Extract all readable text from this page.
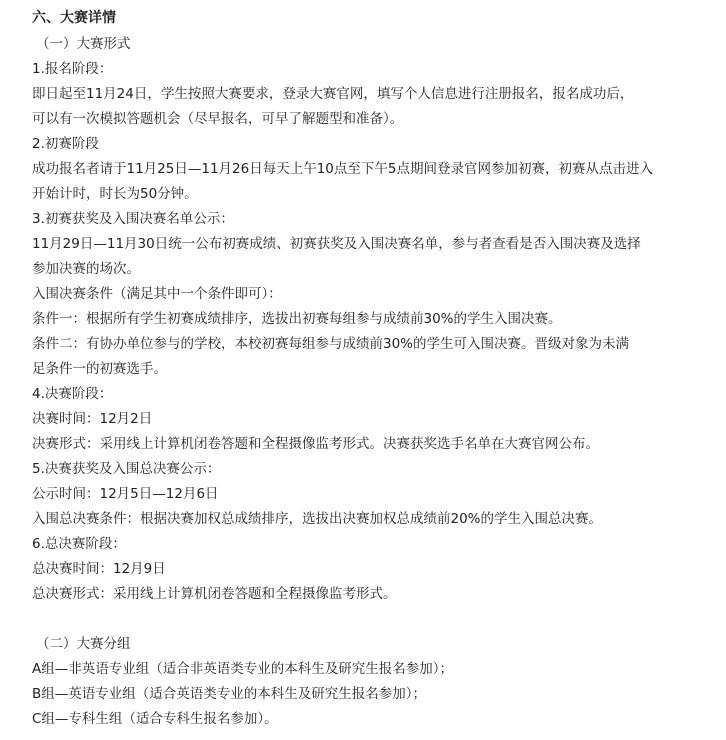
六、大赛详情
（一）大赛形式
1.报名阶段：
即日起至11月24日，学生按照大赛要求，登录大赛官网，填写个人信息进行注册报名，报名成功后，
可以有一次模拟答题机会（尽早报名，可早了解题型和准备）。
2.初赛阶段
成功报名者请于11月25日—11月26日每天上午10点至下午5点期间登录官网参加初赛，初赛从点击进入
开始计时，时长为50分钟。
3.初赛获奖及入围决赛名单公示：
11月29日—11月30日统一公布初赛成绩、初赛获奖及入围决赛名单，参与者查看是否入围决赛及选择
参加决赛的场次。
入围决赛条件（满足其中一个条件即可）：
条件一：根据所有学生初赛成绩排序，选拔出初赛每组参与成绩前30%的学生入围决赛。
条件二：有协办单位参与的学校，本校初赛每组参与成绩前30%的学生可入围决赛。晋级对象为未满
足条件一的初赛选手。
4.决赛阶段：
决赛时间：12月2日
决赛形式：采用线上计算机闭卷答题和全程摄像监考形式。决赛获奖选手名单在大赛官网公布。
5.决赛获奖及入围总决赛公示：
公示时间：12月5日—12月6日
入围总决赛条件：根据决赛加权总成绩排序，选拔出决赛加权总成绩前20%的学生入围总决赛。
6.总决赛阶段：
总决赛时间：12月9日
总决赛形式：采用线上计算机闭卷答题和全程摄像监考形式。
（二）大赛分组
A组—非英语专业组（适合非英语类专业的本科生及研究生报名参加）；
B组—英语专业组（适合英语类专业的本科生及研究生报名参加）；
C组—专科生组（适合专科生报名参加）。
